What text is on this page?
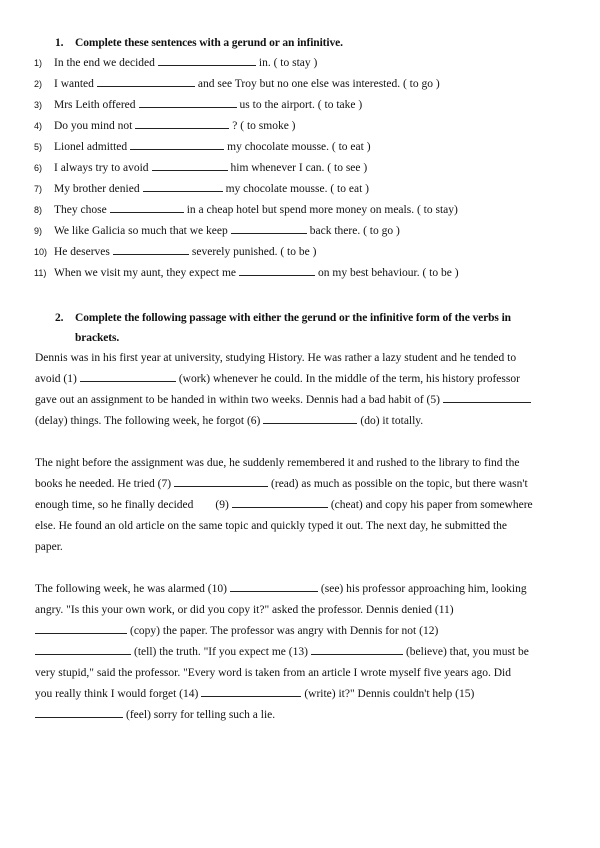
1. Complete these sentences with a gerund or an infinitive.
1)	In the end we decided	in. ( to stay )
2)	I wanted	and see Troy but no one else was interested. ( to go )
3)	Mrs Leith offered	us to the airport. ( to take )
4)	Do you mind not	? ( to smoke )
5)	Lionel admitted	my chocolate mousse. ( to eat )
6)	I always try to avoid	him whenever I can. ( to see )
7)	My brother denied	my chocolate mousse. ( to eat )
8)	They chose	in a cheap hotel but spend more money on meals. ( to stay)
9)	We like Galicia so much that we keep	back there. ( to go )
10) He deserves	severely punished. ( to be )
11) When we visit my aunt, they expect me	on my best behaviour. ( to be )
2. Complete the following passage with either the gerund or the infinitive form of the verbs in
brackets.
Dennis was in his first year at university, studying History. He was rather a lazy student and he tended to
avoid (1)	(work) whenever he could. In the middle of the term, his history professor
gave out an assignment to be handed in within two weeks. Dennis had a bad habit of (5)
(delay) things. The following week, he forgot (6)	(do) it totally.
The night before the assignment was due, he suddenly remembered it and rushed to the library to find the
books he needed. He tried (7)	(read) as much as possible on the topic, but there wasn't
enough time, so he finally decided (9)	(cheat) and copy his paper from somewhere
else. He found an old article on the same topic and quickly typed it out. The next day, he submitted the
paper.
The following week, he was alarmed (10)	(see) his professor approaching him, looking
angry. "Is this your own work, or did you copy it?" asked the professor. Dennis denied (11)
(copy) the paper. The professor was angry with Dennis for not (12)
(tell) the truth. "If you expect me (13)	(believe) that, you must be
very stupid," said the professor. "Every word is taken from an article I wrote myself five years ago. Did
you really think I would forget (14)	(write) it?" Dennis couldn't help (15)
(feel) sorry for telling such a lie.
